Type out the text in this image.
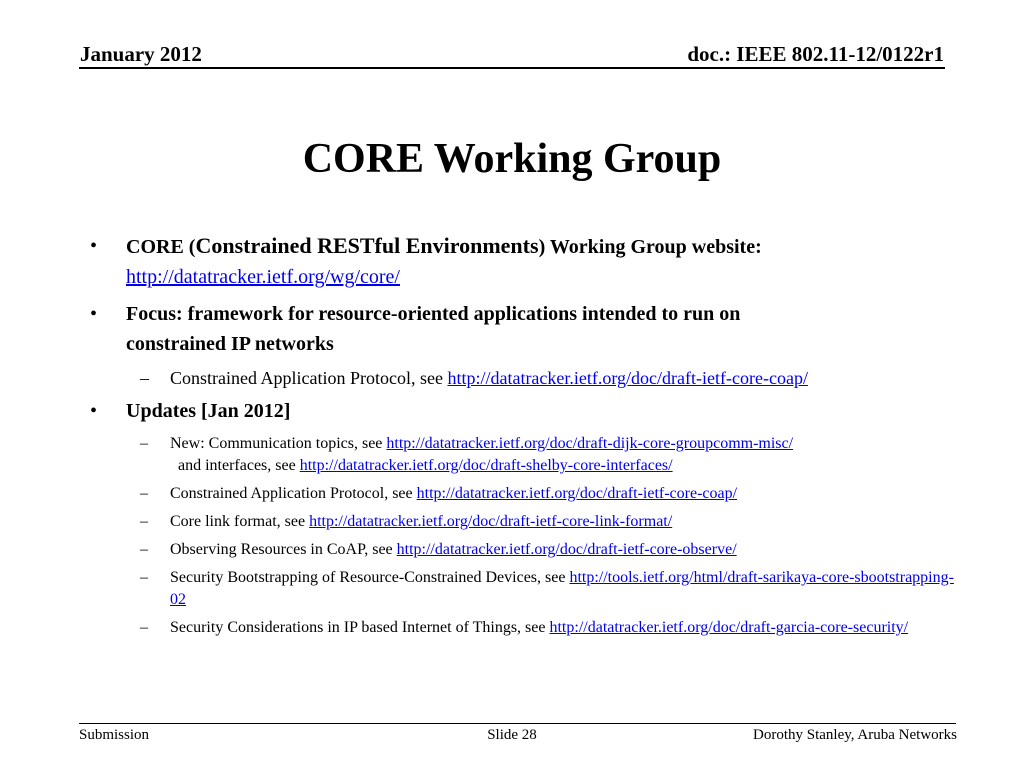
January 2012	doc.: IEEE 802.11-12/0122r1
CORE Working Group
• CORE (Constrained RESTful Environments) Working Group website: http://datatracker.ietf.org/wg/core/
• Focus: framework for resource-oriented applications intended to run on constrained IP networks
– Constrained Application Protocol, see http://datatracker.ietf.org/doc/draft-ietf-core-coap/
• Updates [Jan 2012]
– New: Communication topics, see http://datatracker.ietf.org/doc/draft-dijk-core-groupcomm-misc/  and interfaces, see http://datatracker.ietf.org/doc/draft-shelby-core-interfaces/
– Constrained Application Protocol, see http://datatracker.ietf.org/doc/draft-ietf-core-coap/
– Core link format, see http://datatracker.ietf.org/doc/draft-ietf-core-link-format/
– Observing Resources in CoAP, see http://datatracker.ietf.org/doc/draft-ietf-core-observe/
– Security Bootstrapping of Resource-Constrained Devices, see http://tools.ietf.org/html/draft-sarikaya-core-sbootstrapping-02
– Security Considerations in IP based Internet of Things, see http://datatracker.ietf.org/doc/draft-garcia-core-security/
Submission	Slide 28	Dorothy Stanley, Aruba Networks
